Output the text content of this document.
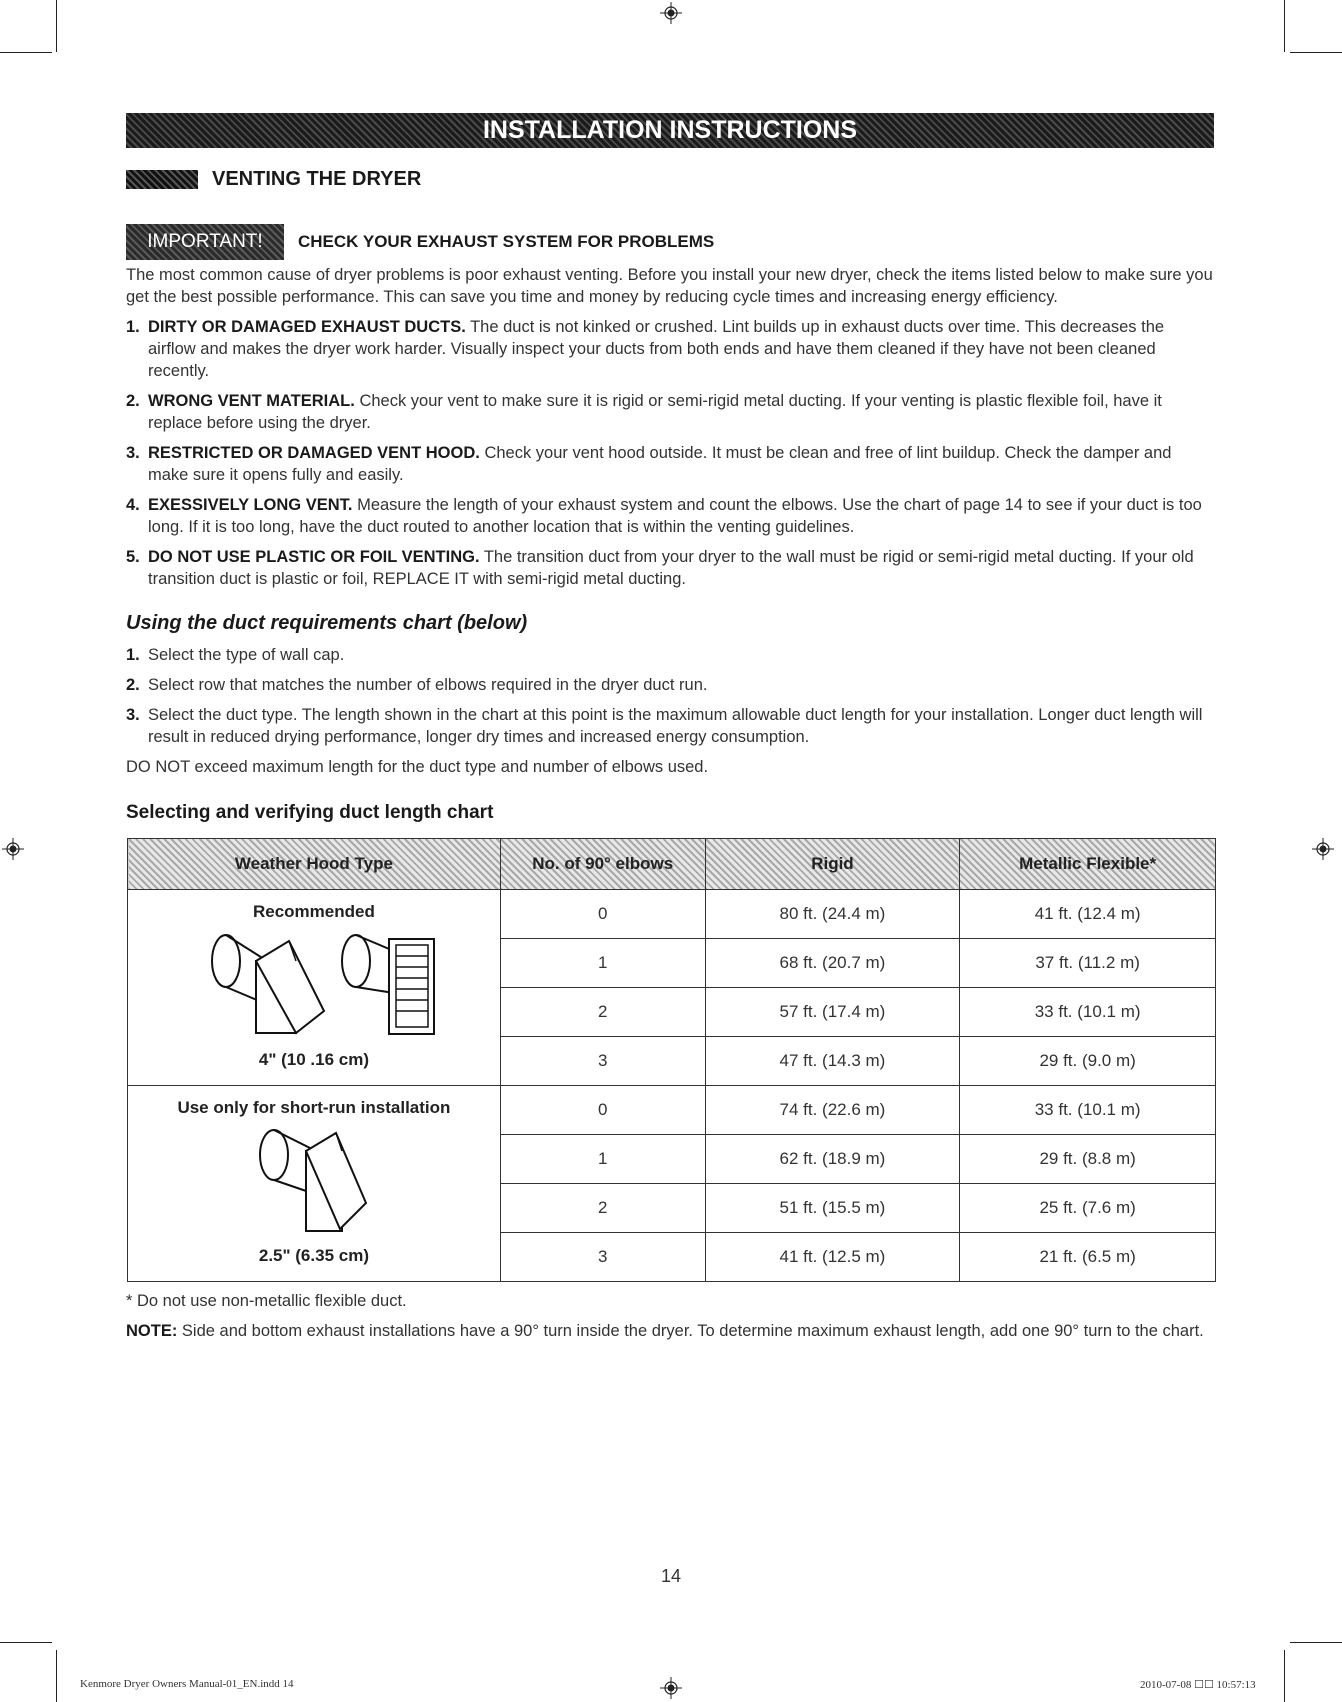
INSTALLATION INSTRUCTIONS
VENTING THE DRYER
IMPORTANT!	CHECK YOUR EXHAUST SYSTEM FOR PROBLEMS
The most common cause of dryer problems is poor exhaust venting. Before you install your new dryer, check the items listed below to make sure you get the best possible performance. This can save you time and money by reducing cycle times and increasing energy efficiency.
1. DIRTY OR DAMAGED EXHAUST DUCTS. The duct is not kinked or crushed. Lint builds up in exhaust ducts over time. This decreases the airflow and makes the dryer work harder. Visually inspect your ducts from both ends and have them cleaned if they have not been cleaned recently.
2. WRONG VENT MATERIAL. Check your vent to make sure it is rigid or semi-rigid metal ducting. If your venting is plastic flexible foil, have it replace before using the dryer.
3. RESTRICTED OR DAMAGED VENT HOOD. Check your vent hood outside. It must be clean and free of lint buildup. Check the damper and make sure it opens fully and easily.
4. EXESSIVELY LONG VENT. Measure the length of your exhaust system and count the elbows. Use the chart of page 14 to see if your duct is too long. If it is too long, have the duct routed to another location that is within the venting guidelines.
5. DO NOT USE PLASTIC OR FOIL VENTING. The transition duct from your dryer to the wall must be rigid or semi-rigid metal ducting. If your old transition duct is plastic or foil, REPLACE IT with semi-rigid metal ducting.
Using the duct requirements chart (below)
1. Select the type of wall cap.
2. Select row that matches the number of elbows required in the dryer duct run.
3. Select the duct type. The length shown in the chart at this point is the maximum allowable duct length for your installation. Longer duct length will result in reduced drying performance, longer dry times and increased energy consumption.
DO NOT exceed maximum length for the duct type and number of elbows used.
Selecting and verifying duct length chart
Weather Hood Type	No. of 90° elbows	Rigid	Metallic Flexible*

Recommended
4" (10 .16 cm)	0	80 ft. (24.4 m)	41 ft. (12.4 m)
	1	68 ft. (20.7 m)	37 ft. (11.2 m)
	2	57 ft. (17.4 m)	33 ft. (10.1 m)
	3	47 ft. (14.3 m)	29 ft. (9.0 m)

Use only for short-run installation
2.5" (6.35 cm)	0	74 ft. (22.6 m)	33 ft. (10.1 m)
	1	62 ft. (18.9 m)	29 ft. (8.8 m)
	2	51 ft. (15.5 m)	25 ft. (7.6 m)
	3	41 ft. (12.5 m)	21 ft. (6.5 m)
* Do not use non-metallic flexible duct.
NOTE: Side and bottom exhaust installations have a 90° turn inside the dryer. To determine maximum exhaust length, add one 90° turn to the chart.
14
Kenmore Dryer Owners Manual-01_EN.indd 14	2010-07-08 ☐☐ 10:57:13
